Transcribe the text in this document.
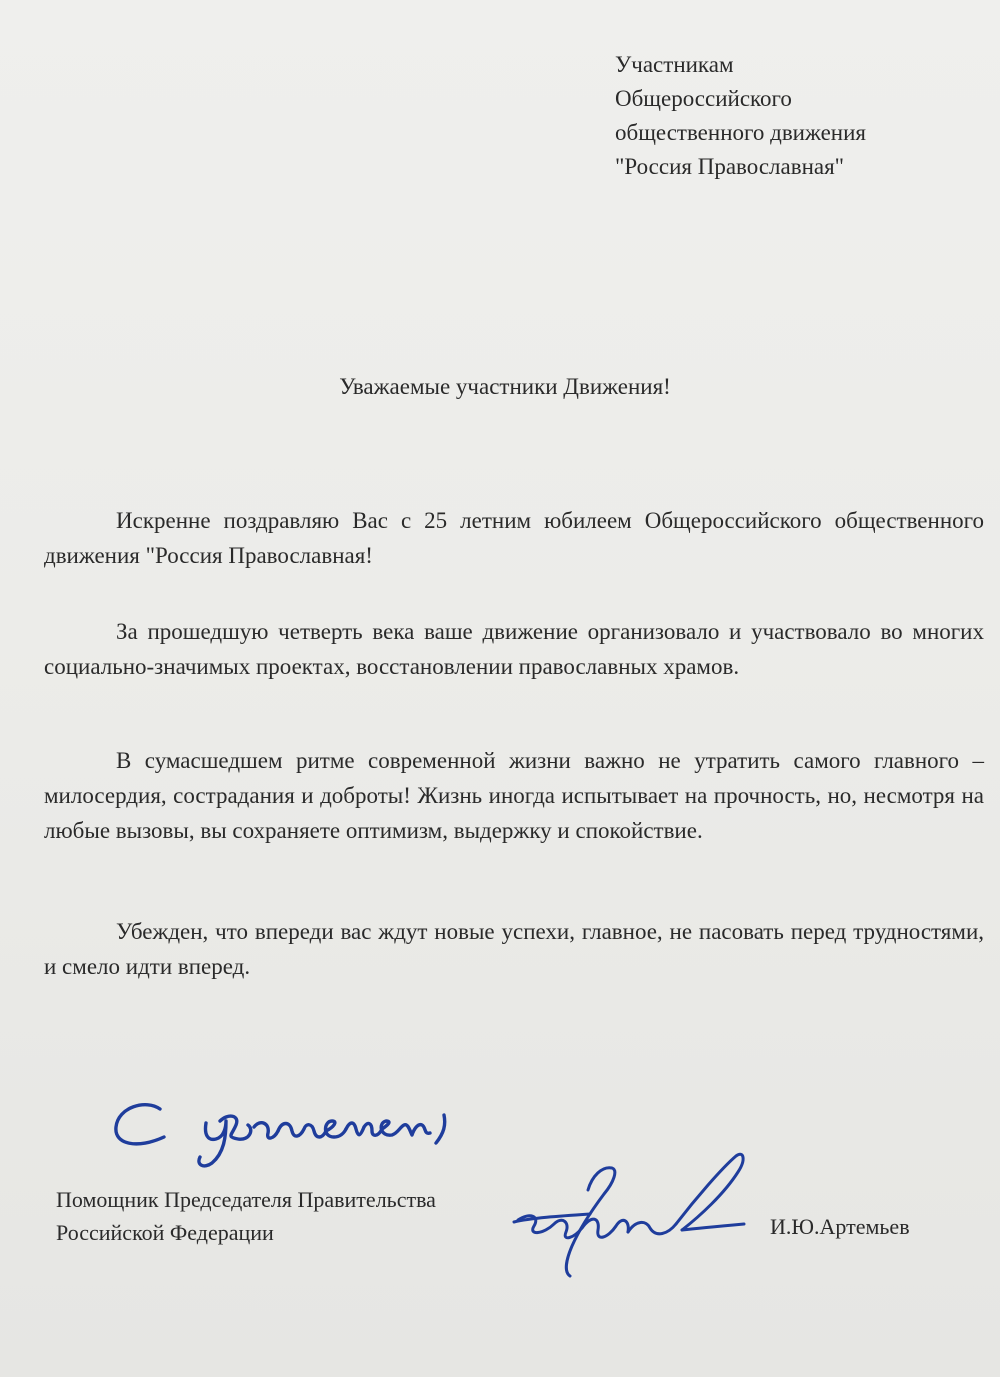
Участникам
Общероссийского
общественного движения
"Россия Православная"
Уважаемые участники Движения!

Искренне поздравляю Вас с 25 летним юбилеем Общероссийского общественного движения "Россия Православная!

За прошедшую четверть века ваше движение организовало и участвовало во многих социально-значимых проектах, восстановлении православных храмов.

В сумасшедшем ритме современной жизни важно не утратить самого главного – милосердия, сострадания и доброты! Жизнь иногда испытывает на прочность, но, несмотря на любые вызовы, вы сохраняете оптимизм, выдержку и спокойствие.

Убежден, что впереди вас ждут новые успехи, главное, не пасовать перед трудностями, и смело идти вперед.

Помощник Председателя Правительства
Российской Федерации	И.Ю.Артемьев
